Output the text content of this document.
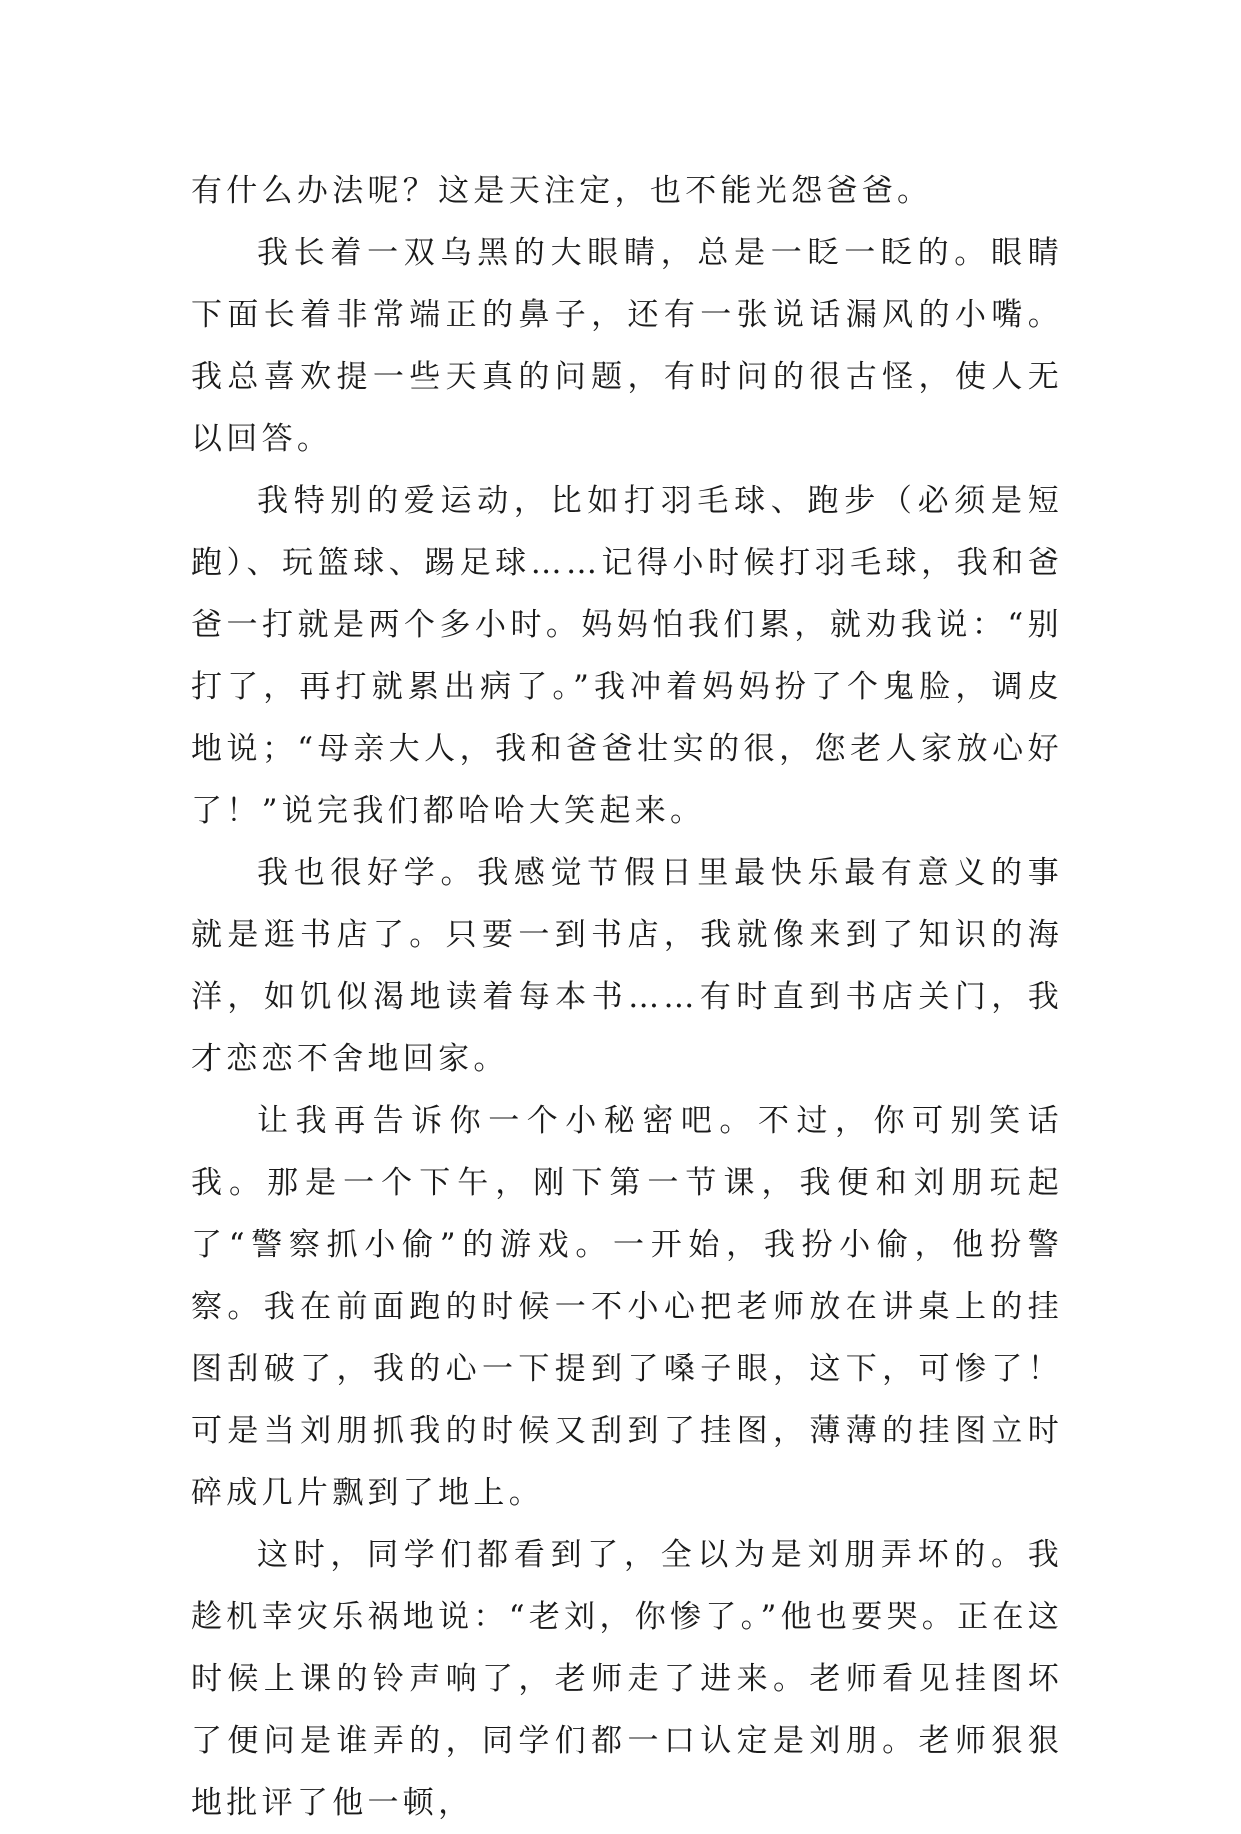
有什么办法呢？这是天注定，也不能光怨爸爸。

我长着一双乌黑的大眼睛，总是一眨一眨的。眼睛下面长着非常端正的鼻子，还有一张说话漏风的小嘴。我总喜欢提一些天真的问题，有时问的很古怪，使人无以回答。

我特别的爱运动，比如打羽毛球、跑步（必须是短跑）、玩篮球、踢足球……记得小时候打羽毛球，我和爸爸一打就是两个多小时。妈妈怕我们累，就劝我说：“别打了，再打就累出病了。”我冲着妈妈扮了个鬼脸，调皮地说；“母亲大人，我和爸爸壮实的很，您老人家放心好了！”说完我们都哈哈大笑起来。

我也很好学。我感觉节假日里最快乐最有意义的事就是逛书店了。只要一到书店，我就像来到了知识的海洋，如饥似渴地读着每本书……有时直到书店关门，我才恋恋不舍地回家。

让我再告诉你一个小秘密吧。不过，你可别笑话我。那是一个下午，刚下第一节课，我便和刘朋玩起了“警察抓小偷”的游戏。一开始，我扮小偷，他扮警察。我在前面跑的时候一不小心把老师放在讲桌上的挂图刮破了，我的心一下提到了嗓子眼，这下，可惨了！可是当刘朋抓我的时候又刮到了挂图，薄薄的挂图立时碎成几片飘到了地上。

这时，同学们都看到了，全以为是刘朋弄坏的。我趁机幸灾乐祸地说：“老刘，你惨了。”他也要哭。正在这时候上课的铃声响了，老师走了进来。老师看见挂图坏了便问是谁弄的，同学们都一口认定是刘朋。老师狠狠地批评了他一顿，
